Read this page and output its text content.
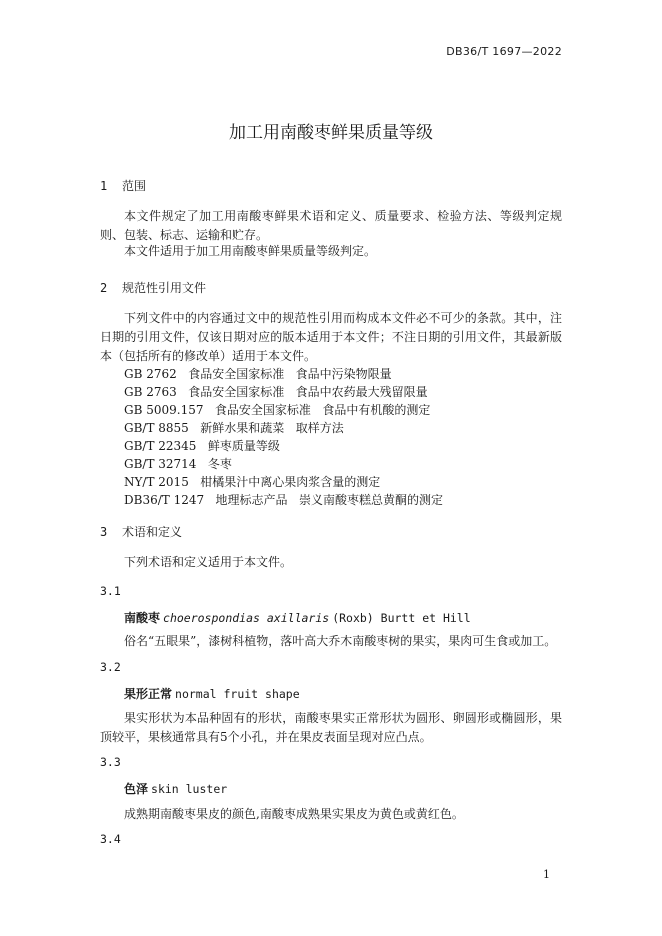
DB36/T 1697—2022
加工用南酸枣鲜果质量等级
1 范围
本文件规定了加工用南酸枣鲜果术语和定义、质量要求、检验方法、等级判定规则、包装、标志、运输和贮存。
本文件适用于加工用南酸枣鲜果质量等级判定。
2 规范性引用文件
下列文件中的内容通过文中的规范性引用而构成本文件必不可少的条款。其中，注日期的引用文件，仅该日期对应的版本适用于本文件；不注日期的引用文件，其最新版本（包括所有的修改单）适用于本文件。
GB 2762   食品安全国家标准   食品中污染物限量
GB 2763   食品安全国家标准   食品中农药最大残留限量
GB 5009.157   食品安全国家标准   食品中有机酸的测定
GB/T 8855   新鲜水果和蔬菜   取样方法
GB/T 22345   鲜枣质量等级
GB/T 32714   冬枣
NY/T 2015   柑橘果汁中离心果肉浆含量的测定
DB36/T 1247   地理标志产品   崇义南酸枣糕总黄酮的测定
3 术语和定义
下列术语和定义适用于本文件。
3.1
南酸枣 choerospondias axillaris (Roxb) Burtt et Hill
俗名“五眼果”，漆树科植物，落叶高大乔木南酸枣树的果实，果肉可生食或加工。
3.2
果形正常 normal fruit shape
果实形状为本品种固有的形状，南酸枣果实正常形状为圆形、卵圆形或椭圆形，果顶较平，果核通常具有5个小孔，并在果皮表面呈现对应凸点。
3.3
色泽 skin luster
成熟期南酸枣果皮的颜色,南酸枣成熟果实果皮为黄色或黄红色。
3.4
1
